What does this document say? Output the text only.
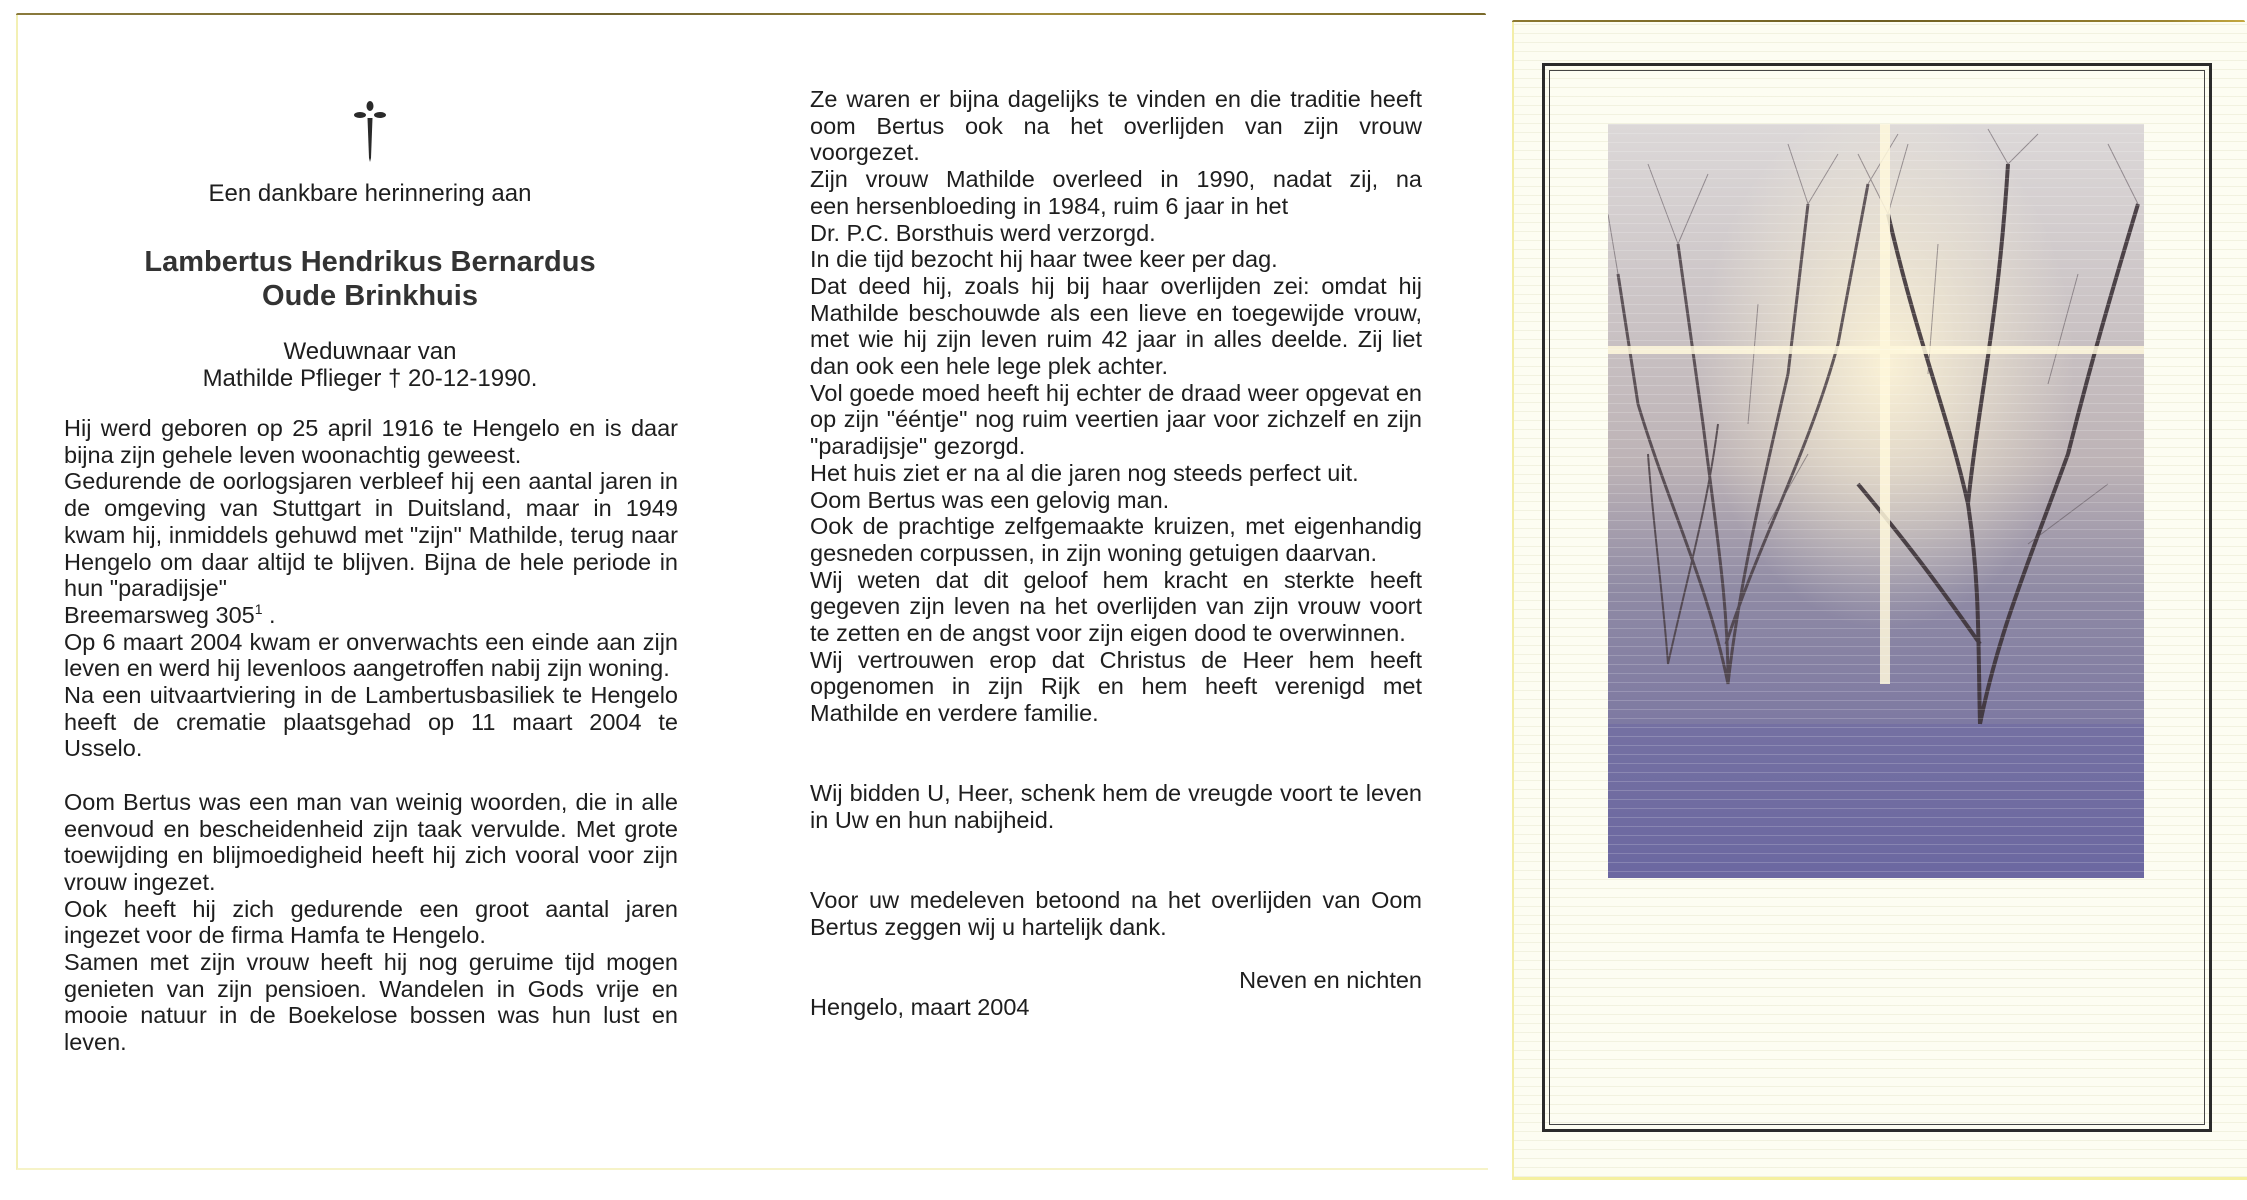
Een dankbare herinnering aan
Lambertus Hendrikus Bernardus
Oude Brinkhuis
Weduwnaar van
Mathilde Pflieger † 20-12-1990.

Hij werd geboren op 25 april 1916 te Hengelo en is daar bijna zijn gehele leven woonachtig geweest.

Gedurende de oorlogsjaren verbleef hij een aantal jaren in de omgeving van Stuttgart in Duitsland, maar in 1949 kwam hij, inmiddels gehuwd met "zijn" Mathilde, terug naar Hengelo om daar altijd te blijven. Bijna de hele periode in hun "paradijsje"

Breemarsweg $305^1$ .

Op 6 maart 2004 kwam er onverwachts een einde aan zijn leven en werd hij levenloos aangetroffen nabij zijn woning.

Na een uitvaartviering in de Lambertusbasiliek te Hengelo heeft de crematie plaatsgehad op 11 maart 2004 te Usselo.

Oom Bertus was een man van weinig woorden, die in alle eenvoud en bescheidenheid zijn taak vervulde. Met grote toewijding en blijmoedigheid heeft hij zich vooral voor zijn vrouw ingezet.

Ook heeft hij zich gedurende een groot aantal jaren ingezet voor de firma Hamfa te Hengelo.

Samen met zijn vrouw heeft hij nog geruime tijd mogen genieten van zijn pensioen. Wandelen in Gods vrije en mooie natuur in de Boekelose bossen was hun lust en leven.

Ze waren er bijna dagelijks te vinden en die traditie heeft oom Bertus ook na het overlijden van zijn vrouw voorgezet.

Zijn vrouw Mathilde overleed in 1990, nadat zij, na

een hersenbloeding in 1984, ruim 6 jaar in het

Dr. P.C. Borsthuis werd verzorgd.

In die tijd bezocht hij haar twee keer per dag.

Dat deed hij, zoals hij bij haar overlijden zei: omdat hij Mathilde beschouwde als een lieve en toegewijde vrouw, met wie hij zijn leven ruim 42 jaar in alles deelde. Zij liet dan ook een hele lege plek achter.

Vol goede moed heeft hij echter de draad weer opgevat en op zijn "ééntje" nog ruim veertien jaar voor zichzelf en zijn "paradijsje" gezorgd.

Het huis ziet er na al die jaren nog steeds perfect uit.

Oom Bertus was een gelovig man.

Ook de prachtige zelfgemaakte kruizen, met eigenhandig gesneden corpussen, in zijn woning getuigen daarvan.

Wij weten dat dit geloof hem kracht en sterkte heeft gegeven zijn leven na het overlijden van zijn vrouw voort te zetten en de angst voor zijn eigen dood te overwinnen.

Wij vertrouwen erop dat Christus de Heer hem heeft opgenomen in zijn Rijk en hem heeft verenigd met Mathilde en verdere familie.

Wij bidden U, Heer, schenk hem de vreugde voort te leven in Uw en hun nabijheid.

Voor uw medeleven betoond na het overlijden van Oom Bertus zeggen wij u hartelijk dank.

Neven en nichten

Hengelo, maart 2004
